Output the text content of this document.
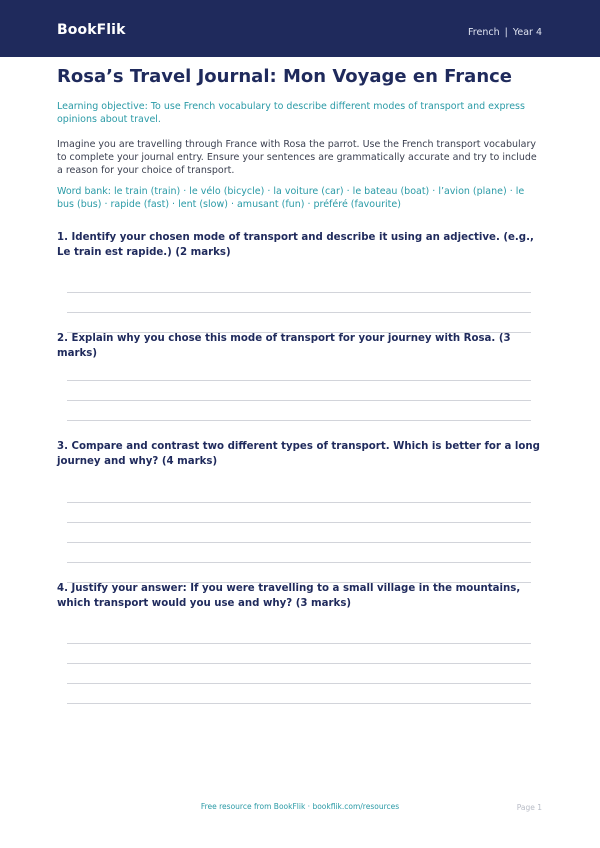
BookFlik	French | Year 4
Rosa’s Travel Journal: Mon Voyage en France

Learning objective: To use French vocabulary to describe different modes of transport and express opinions about travel.

Imagine you are travelling through France with Rosa the parrot. Use the French transport vocabulary to complete your journal entry. Ensure your sentences are grammatically accurate and try to include a reason for your choice of transport.

Word bank: le train (train) · le vélo (bicycle) · la voiture (car) · le bateau (boat) · l’avion (plane) · le bus (bus) · rapide (fast) · lent (slow) · amusant (fun) · préféré (favourite)

1. Identify your chosen mode of transport and describe it using an adjective. (e.g., Le train est rapide.) (2 marks)
2. Explain why you chose this mode of transport for your journey with Rosa. (3 marks)
3. Compare and contrast two different types of transport. Which is better for a long journey and why? (4 marks)
4. Justify your answer: If you were travelling to a small village in the mountains, which transport would you use and why? (3 marks)
Free resource from BookFlik · bookflik.com/resources	Page 1
